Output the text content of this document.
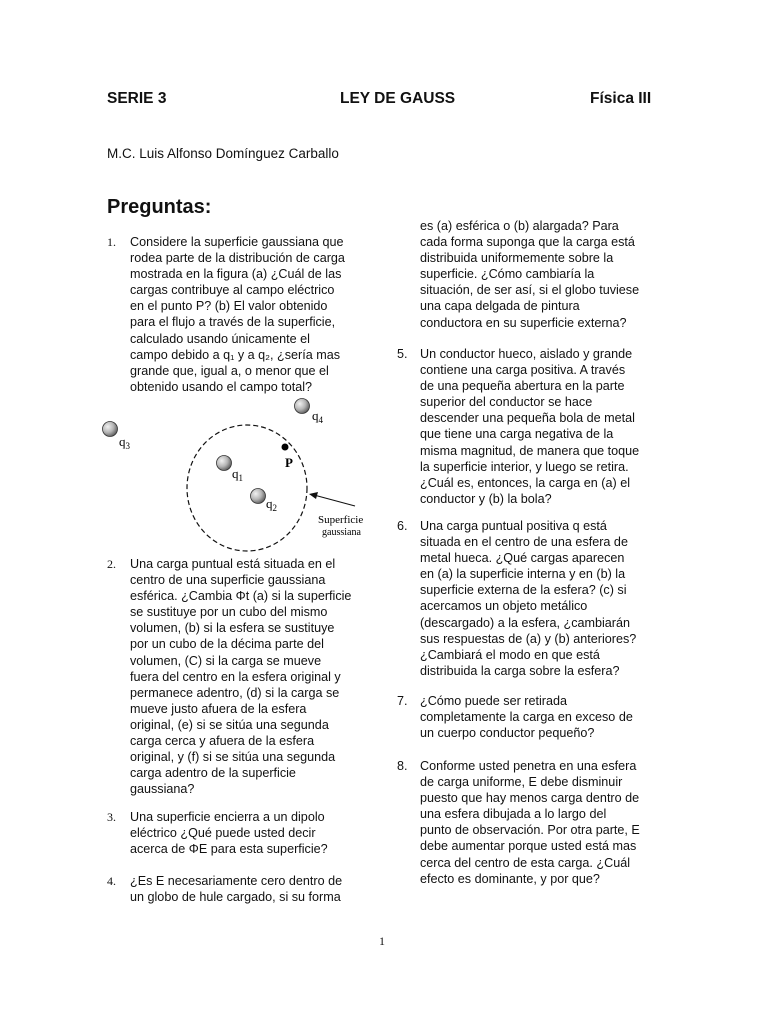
SERIE 3	LEY DE GAUSS	Física III
M.C. Luis Alfonso Domínguez Carballo
Preguntas:
1. Considere la superficie gaussiana que
rodea parte de la distribución de carga
mostrada en la figura (a) ¿Cuál de las
cargas contribuye al campo eléctrico
en el punto P? (b) El valor obtenido
para el flujo a través de la superficie,
calculado usando únicamente el
campo debido a q₁ y a q₂, ¿sería mas
grande que, igual a, o menor que el
obtenido usando el campo total?
$q_3$
$q_4$
$q_1$
$q_2$
P
Superficie
gaussiana
2. Una carga puntual está situada en el
centro de una superficie gaussiana
esférica. ¿Cambia Φt (a) si la superficie
se sustituye por un cubo del mismo
volumen, (b) si la esfera se sustituye
por un cubo de la décima parte del
volumen, (C) si la carga se mueve
fuera del centro en la esfera original y
permanece adentro, (d) si la carga se
mueve justo afuera de la esfera
original, (e) si se sitúa una segunda
carga cerca y afuera de la esfera
original, y (f) si se sitúa una segunda
carga adentro de la superficie
gaussiana?
3. Una superficie encierra a un dipolo
eléctrico ¿Qué puede usted decir
acerca de ΦE para esta superficie?
4. ¿Es E necesariamente cero dentro de
un globo de hule cargado, si su forma
es (a) esférica o (b) alargada? Para
cada forma suponga que la carga está
distribuida uniformemente sobre la
superficie. ¿Cómo cambiaría la
situación, de ser así, si el globo tuviese
una capa delgada de pintura
conductora en su superficie externa?
5. Un conductor hueco, aislado y grande
contiene una carga positiva. A través
de una pequeña abertura en la parte
superior del conductor se hace
descender una pequeña bola de metal
que tiene una carga negativa de la
misma magnitud, de manera que toque
la superficie interior, y luego se retira.
¿Cuál es, entonces, la carga en (a) el
conductor y (b) la bola?
6. Una carga puntual positiva q está
situada en el centro de una esfera de
metal hueca. ¿Qué cargas aparecen
en (a) la superficie interna y en (b) la
superficie externa de la esfera? (c) si
acercamos un objeto metálico
(descargado) a la esfera, ¿cambiarán
sus respuestas de (a) y (b) anteriores?
¿Cambiará el modo en que está
distribuida la carga sobre la esfera?
7. ¿Cómo puede ser retirada
completamente la carga en exceso de
un cuerpo conductor pequeño?
8. Conforme usted penetra en una esfera
de carga uniforme, E debe disminuir
puesto que hay menos carga dentro de
una esfera dibujada a lo largo del
punto de observación. Por otra parte, E
debe aumentar porque usted está mas
cerca del centro de esta carga. ¿Cuál
efecto es dominante, y por que?
1
